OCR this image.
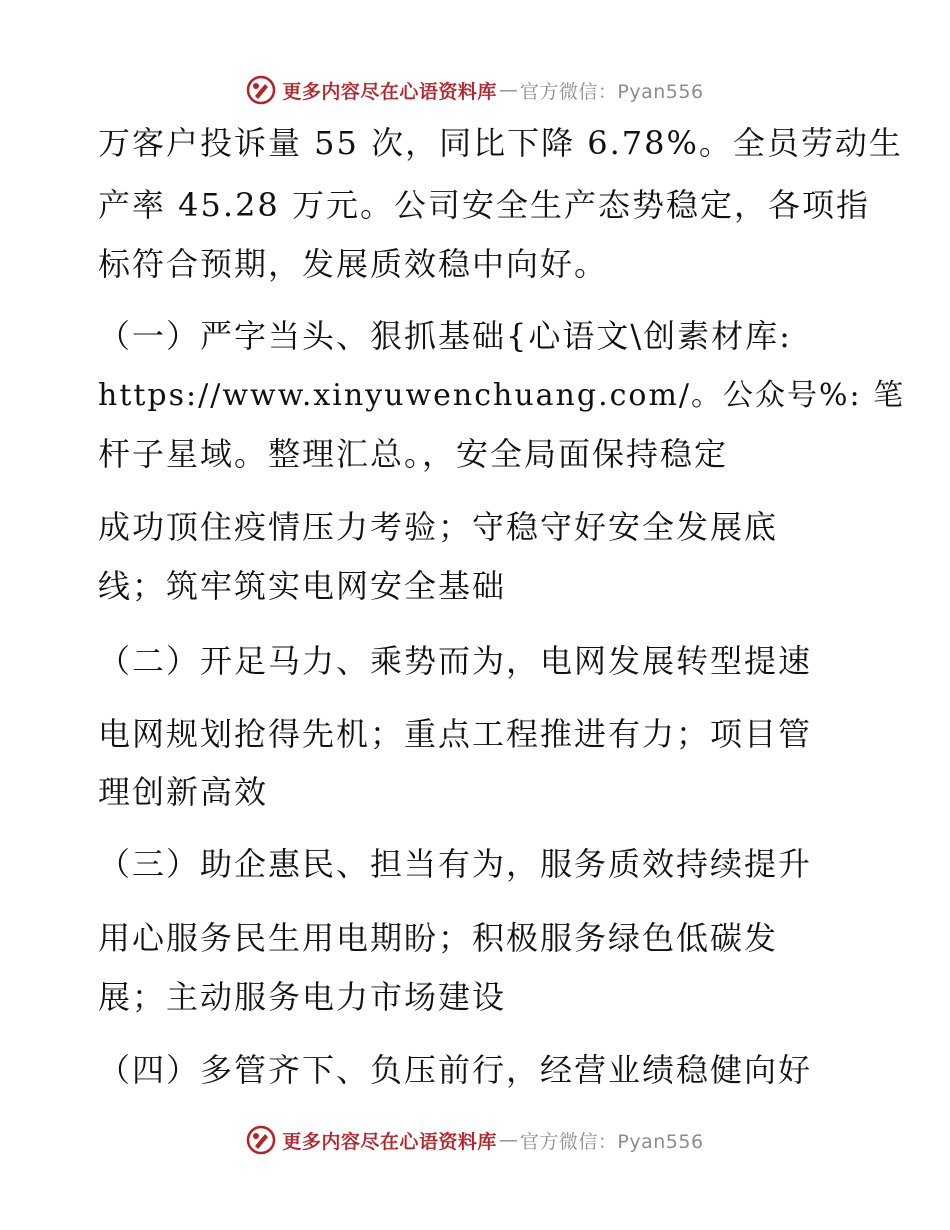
更多内容尽在心语资料库 — 官方微信：Pyan556
万客户投诉量 55 次，同比下降 6.78%。全员劳动生
产率 45.28 万元。公司安全生产态势稳定，各项指
标符合预期，发展质效稳中向好。
（一）严字当头、狠抓基础{心语文\创素材库:
https://www.xinyuwenchuang.com/。公众号%: 笔
杆子星域。整理汇总。，安全局面保持稳定
成功顶住疫情压力考验；守稳守好安全发展底
线；筑牢筑实电网安全基础
（二）开足马力、乘势而为，电网发展转型提速
电网规划抢得先机；重点工程推进有力；项目管
理创新高效
（三）助企惠民、担当有为，服务质效持续提升
用心服务民生用电期盼；积极服务绿色低碳发
展；主动服务电力市场建设
（四）多管齐下、负压前行，经营业绩稳健向好
更多内容尽在心语资料库 — 官方微信：Pyan556
